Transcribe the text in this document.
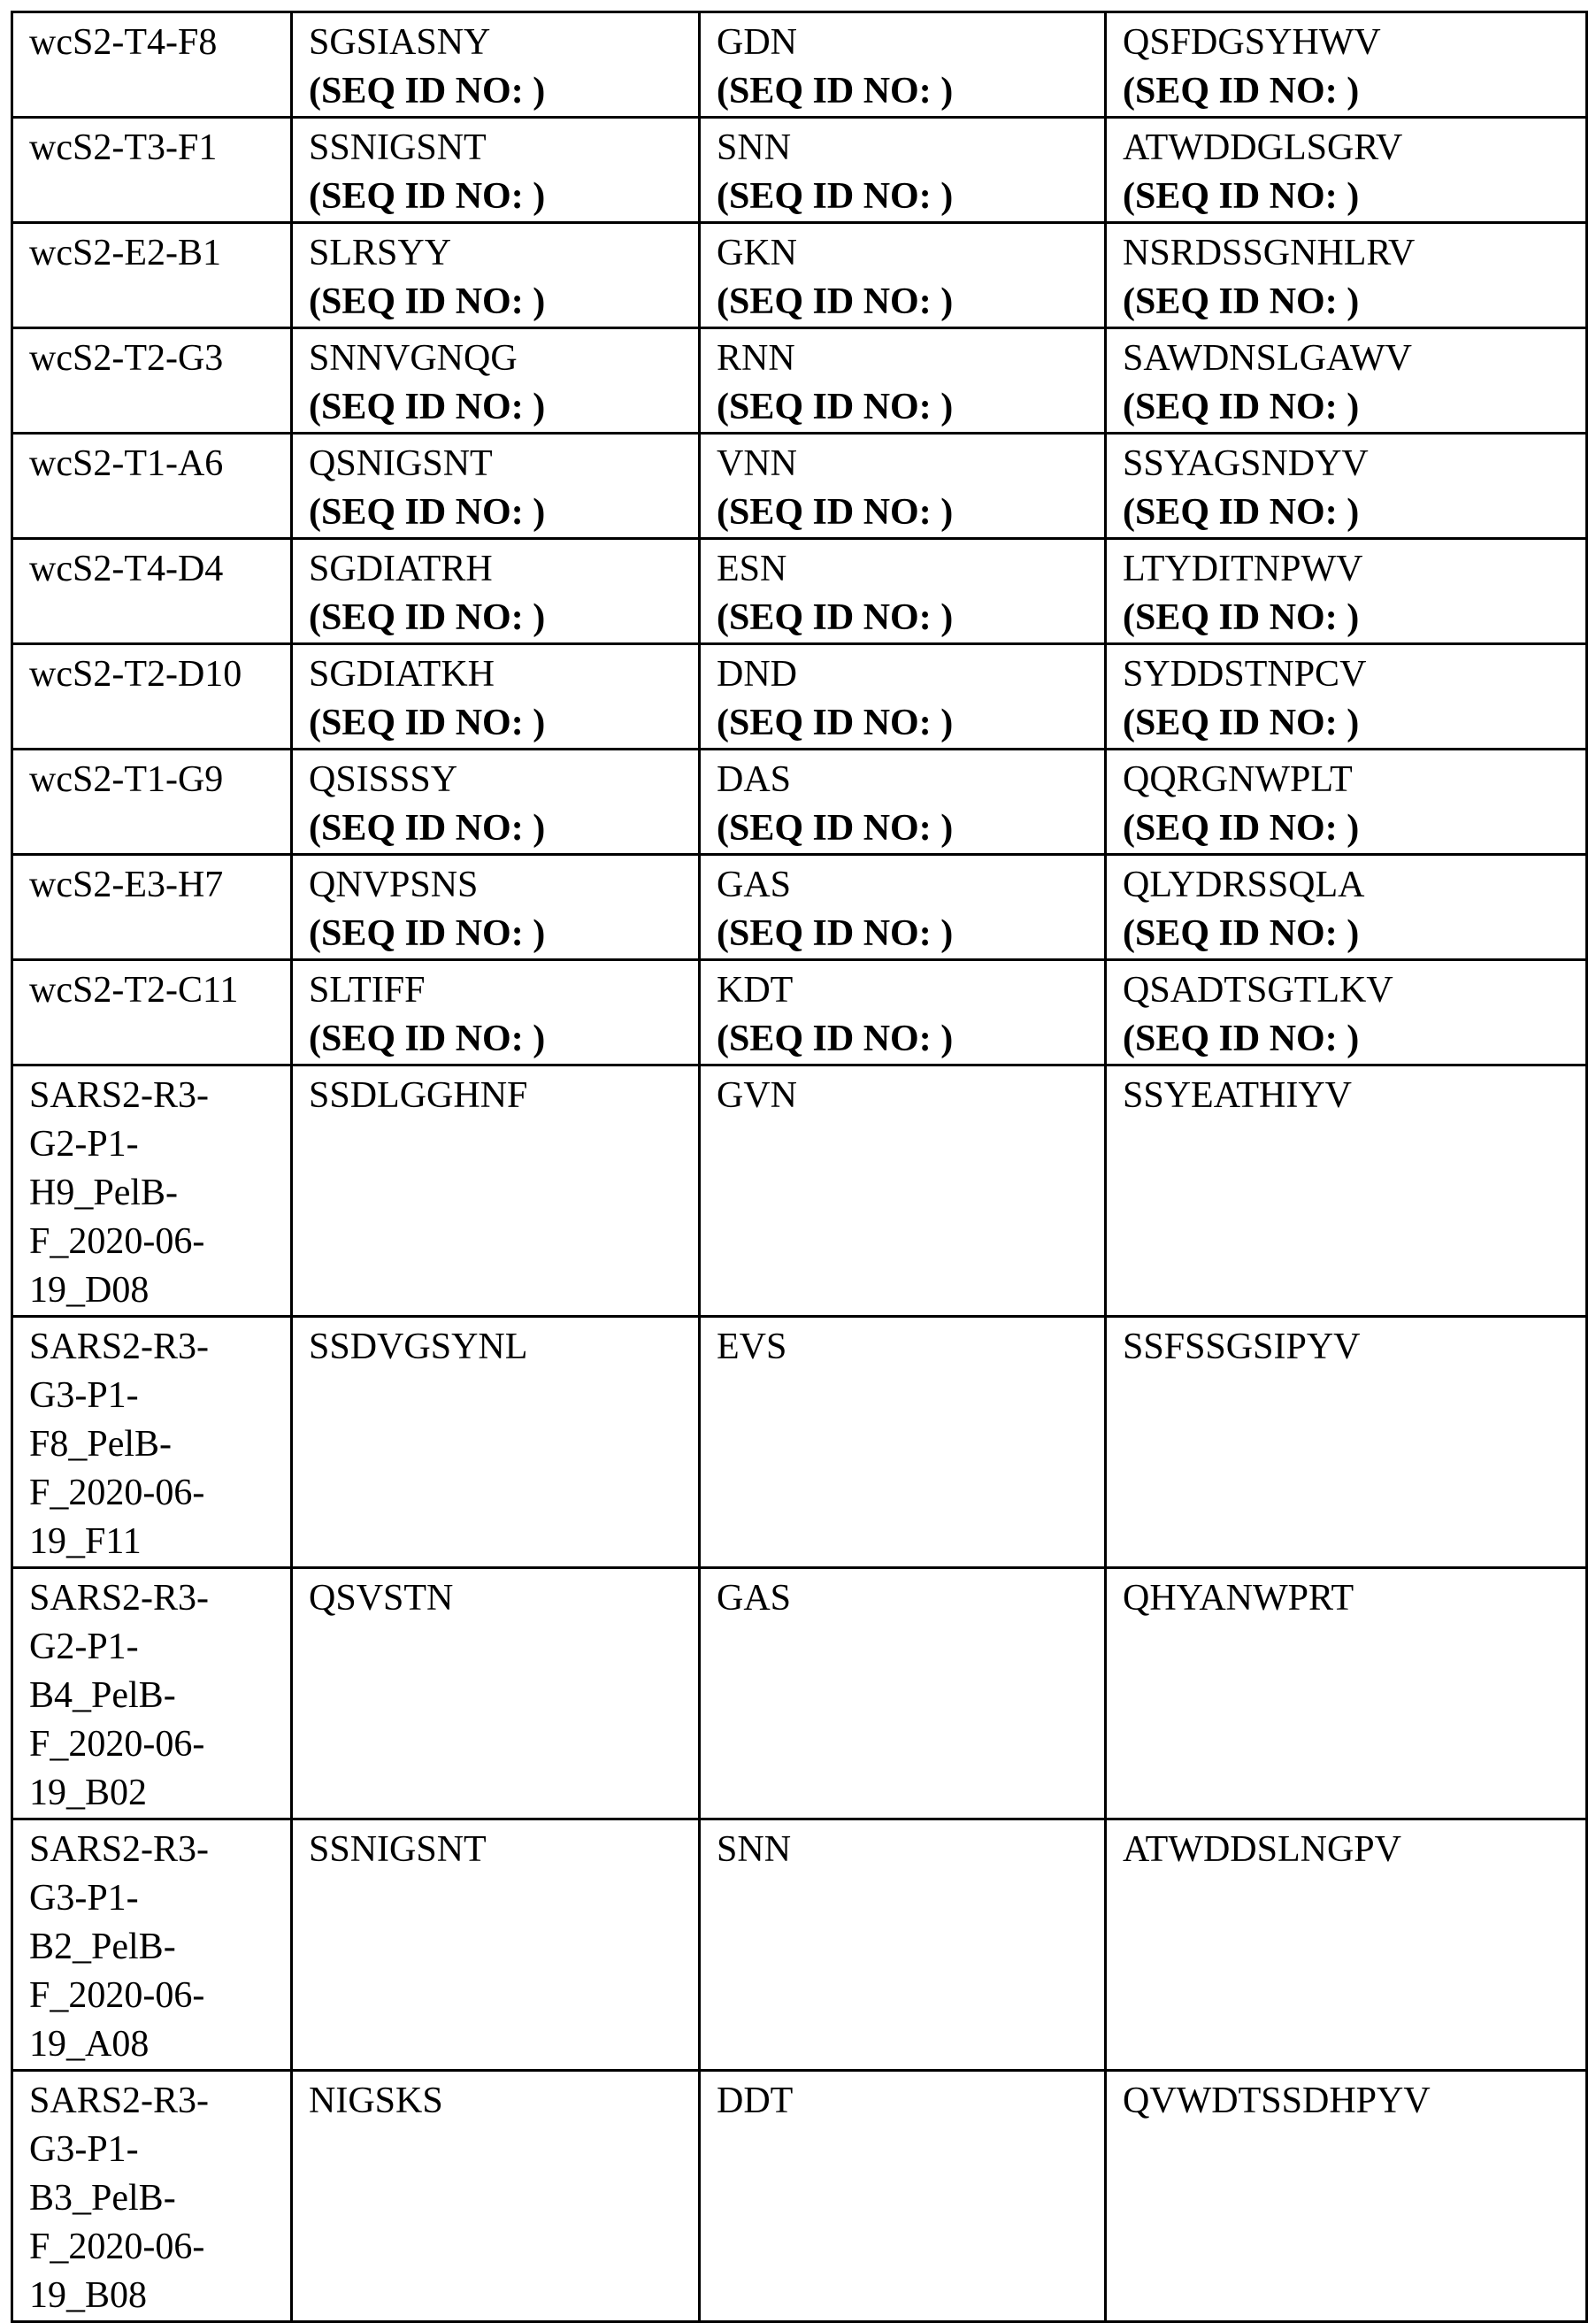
wcS2-T4-F8	SGSIASNY
(SEQ ID NO: )

GDN
(SEQ ID NO: )

QSFDGSYHWV
(SEQ ID NO: )

wcS2-T3-F1	SSNIGSNT
(SEQ ID NO: )

SNN
(SEQ ID NO: )

ATWDDGLSGRV
(SEQ ID NO: )

wcS2-E2-B1	SLRSYY
(SEQ ID NO: )

GKN
(SEQ ID NO: )

NSRDSSGNHLRV
(SEQ ID NO: )

wcS2-T2-G3	SNNVGNQG
(SEQ ID NO: )

RNN
(SEQ ID NO: )

SAWDNSLGAWV
(SEQ ID NO: )

wcS2-T1-A6	QSNIGSNT
(SEQ ID NO: )

VNN
(SEQ ID NO: )

SSYAGSNDYV
(SEQ ID NO: )

wcS2-T4-D4	SGDIATRH
(SEQ ID NO: )

ESN
(SEQ ID NO: )

LTYDITNPWV
(SEQ ID NO: )

wcS2-T2-D10	SGDIATKH
(SEQ ID NO: )

DND
(SEQ ID NO: )

SYDDSTNPCV
(SEQ ID NO: )

wcS2-T1-G9	QSISSSY
(SEQ ID NO: )

DAS
(SEQ ID NO: )

QQRGNWPLT
(SEQ ID NO: )

wcS2-E3-H7	QNVPSNS
(SEQ ID NO: )

GAS
(SEQ ID NO: )

QLYDRSSQLA
(SEQ ID NO: )

wcS2-T2-C11	SLTIFF
(SEQ ID NO: )

KDT
(SEQ ID NO: )

QSADTSGTLKV
(SEQ ID NO: )

SARS2-R3-
G2-P1-
H9_PelB-
F_2020-06-
19_D08

SSDLGGHNF	GVN	SSYEATHIYV

SARS2-R3-
G3-P1-
F8_PelB-
F_2020-06-
19_F11

SSDVGSYNL	EVS	SSFSSGSIPYV

SARS2-R3-
G2-P1-
B4_PelB-
F_2020-06-
19_B02

QSVSTN	GAS	QHYANWPRT

SARS2-R3-
G3-P1-
B2_PelB-
F_2020-06-
19_A08

SSNIGSNT	SNN	ATWDDSLNGPV

SARS2-R3-
G3-P1-
B3_PelB-
F_2020-06-
19_B08

NIGSKS	DDT	QVWDTSSDHPYV
